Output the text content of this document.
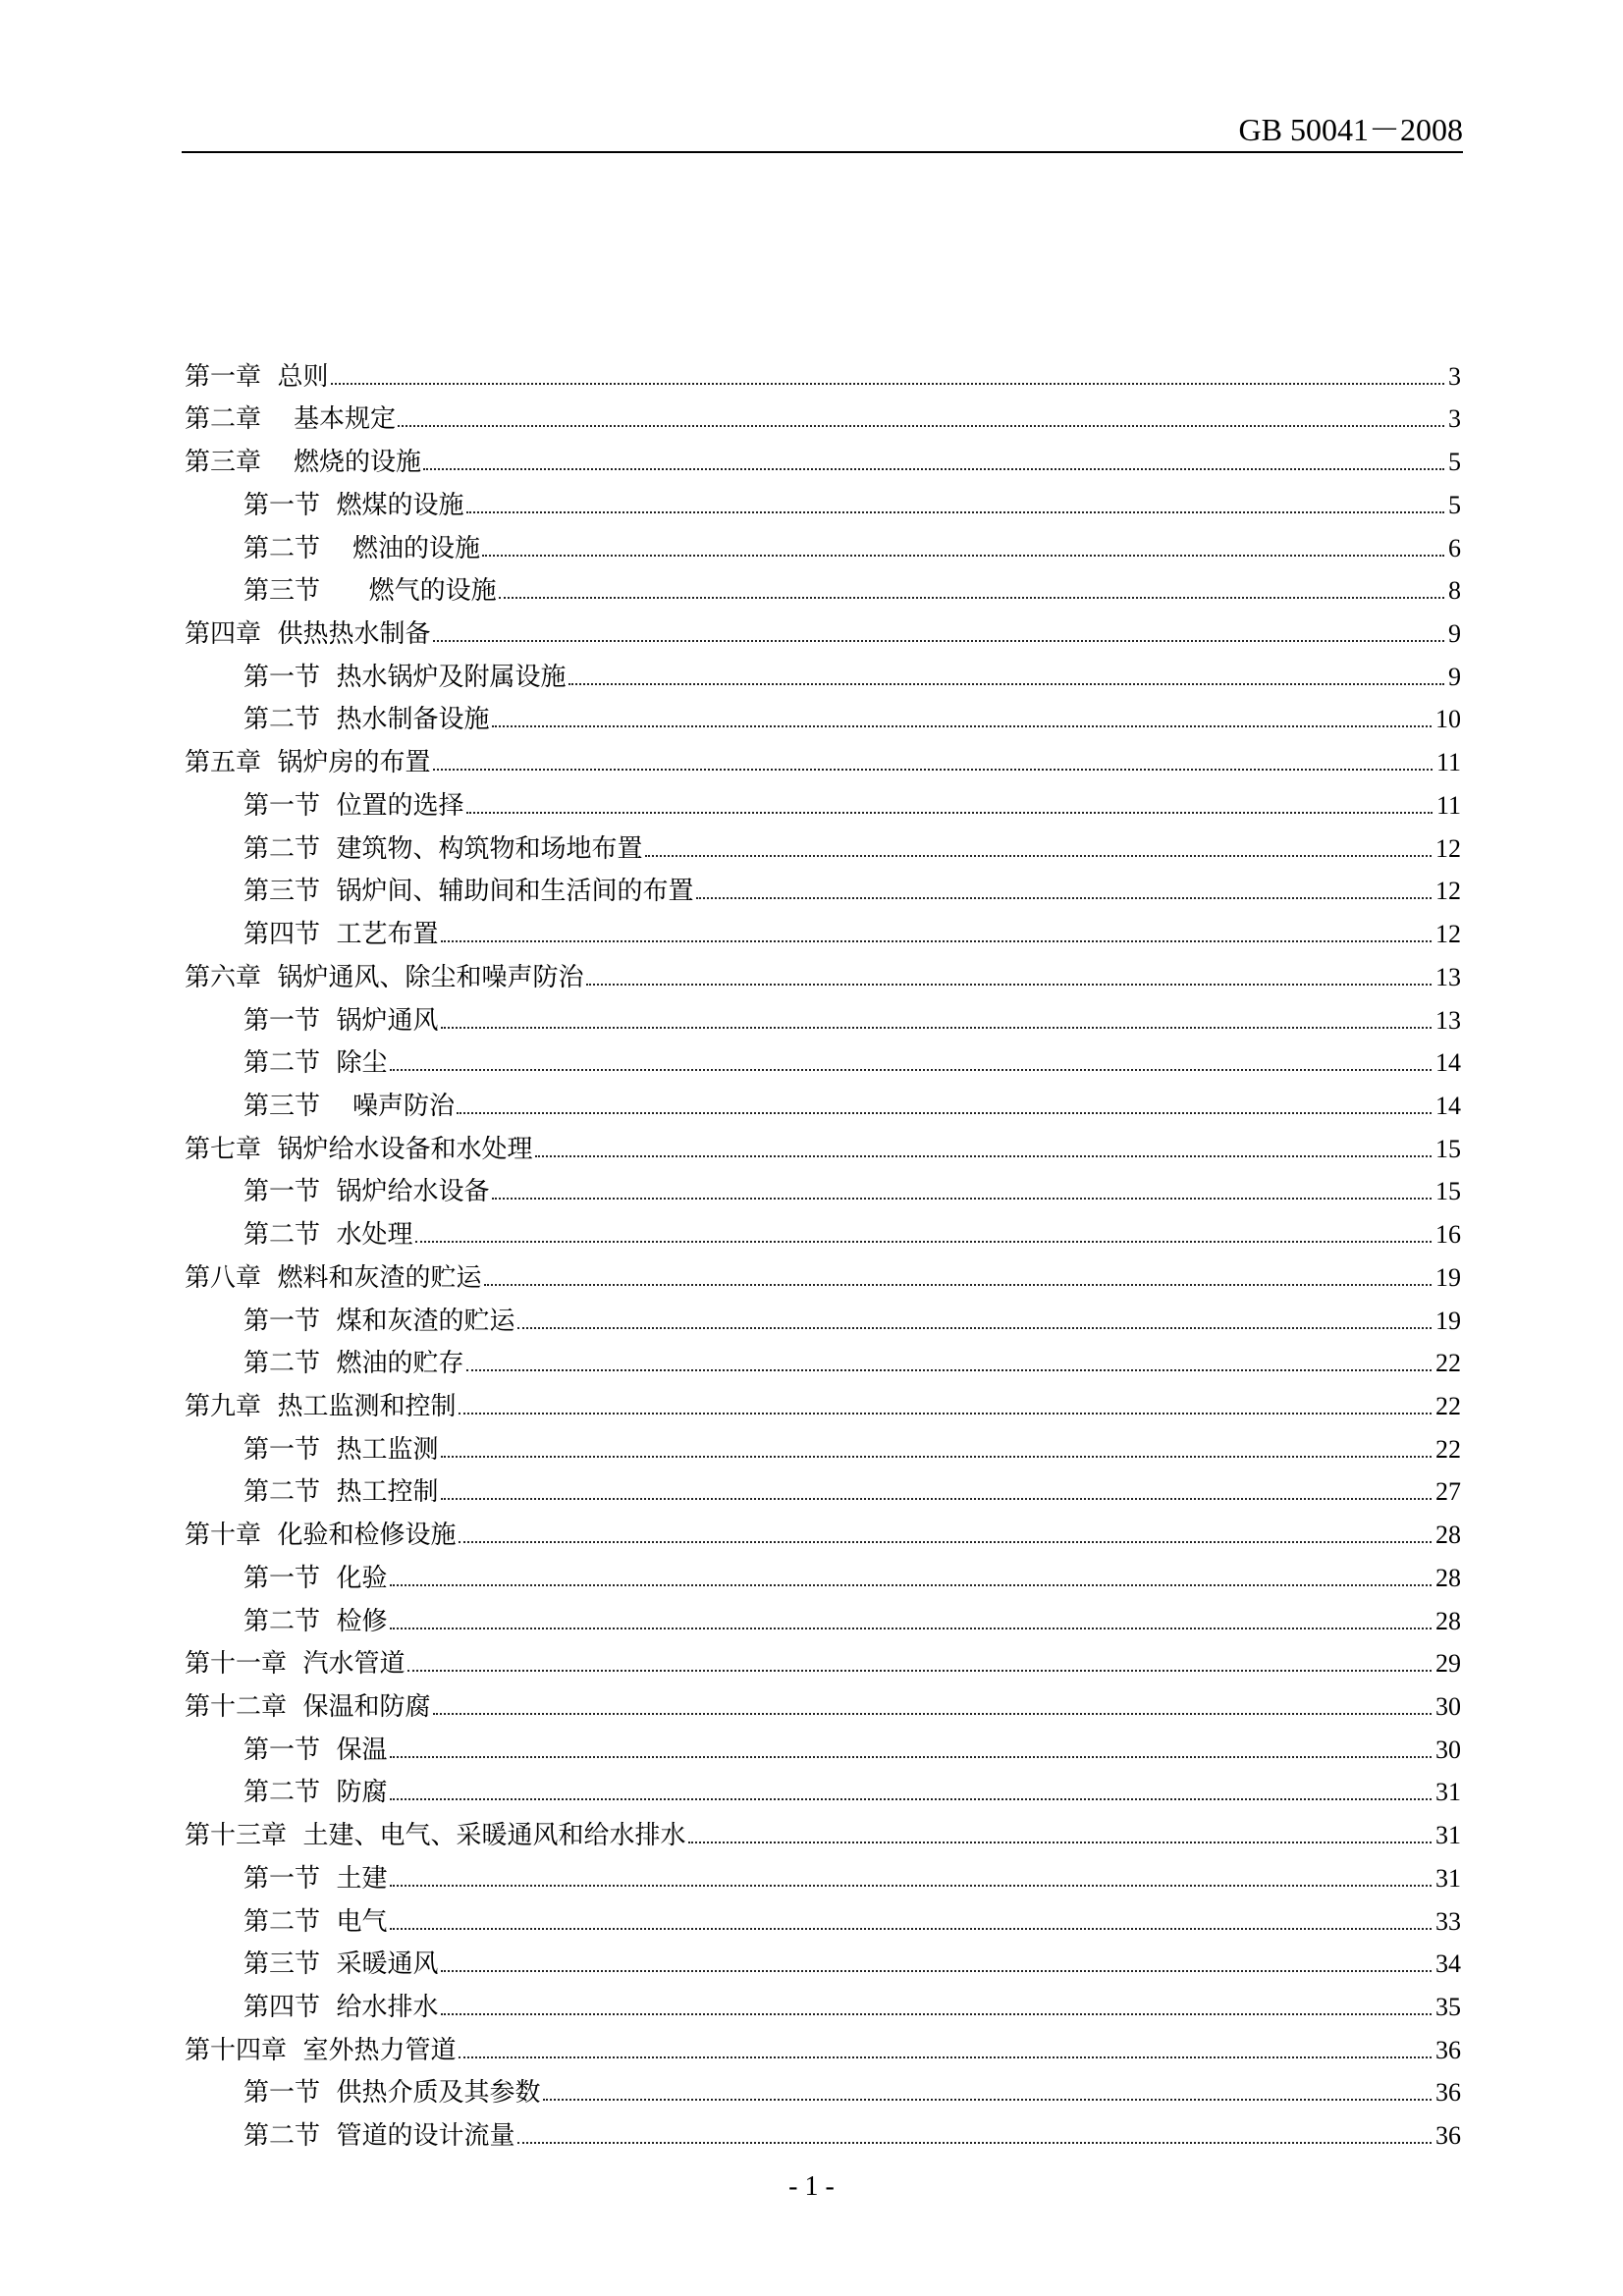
GB 50041－2008
第一章  总则	3
第二章    基本规定	3
第三章    燃烧的设施	5
第一节  燃煤的设施	5
第二节    燃油的设施	6
第三节      燃气的设施	8
第四章  供热热水制备	9
第一节  热水锅炉及附属设施	9
第二节  热水制备设施	10
第五章  锅炉房的布置	11
第一节  位置的选择	11
第二节  建筑物、构筑物和场地布置	12
第三节  锅炉间、辅助间和生活间的布置	12
第四节  工艺布置	12
第六章  锅炉通风、除尘和噪声防治	13
第一节  锅炉通风	13
第二节  除尘	14
第三节    噪声防治	14
第七章  锅炉给水设备和水处理	15
第一节  锅炉给水设备	15
第二节  水处理	16
第八章  燃料和灰渣的贮运	19
第一节  煤和灰渣的贮运	19
第二节  燃油的贮存	22
第九章  热工监测和控制	22
第一节  热工监测	22
第二节  热工控制	27
第十章  化验和检修设施	28
第一节  化验	28
第二节  检修	28
第十一章  汽水管道	29
第十二章  保温和防腐	30
第一节  保温	30
第二节  防腐	31
第十三章  土建、电气、采暖通风和给水排水	31
第一节  土建	31
第二节  电气	33
第三节  采暖通风	34
第四节  给水排水	35
第十四章  室外热力管道	36
第一节  供热介质及其参数	36
第二节  管道的设计流量	36
- 1 -
